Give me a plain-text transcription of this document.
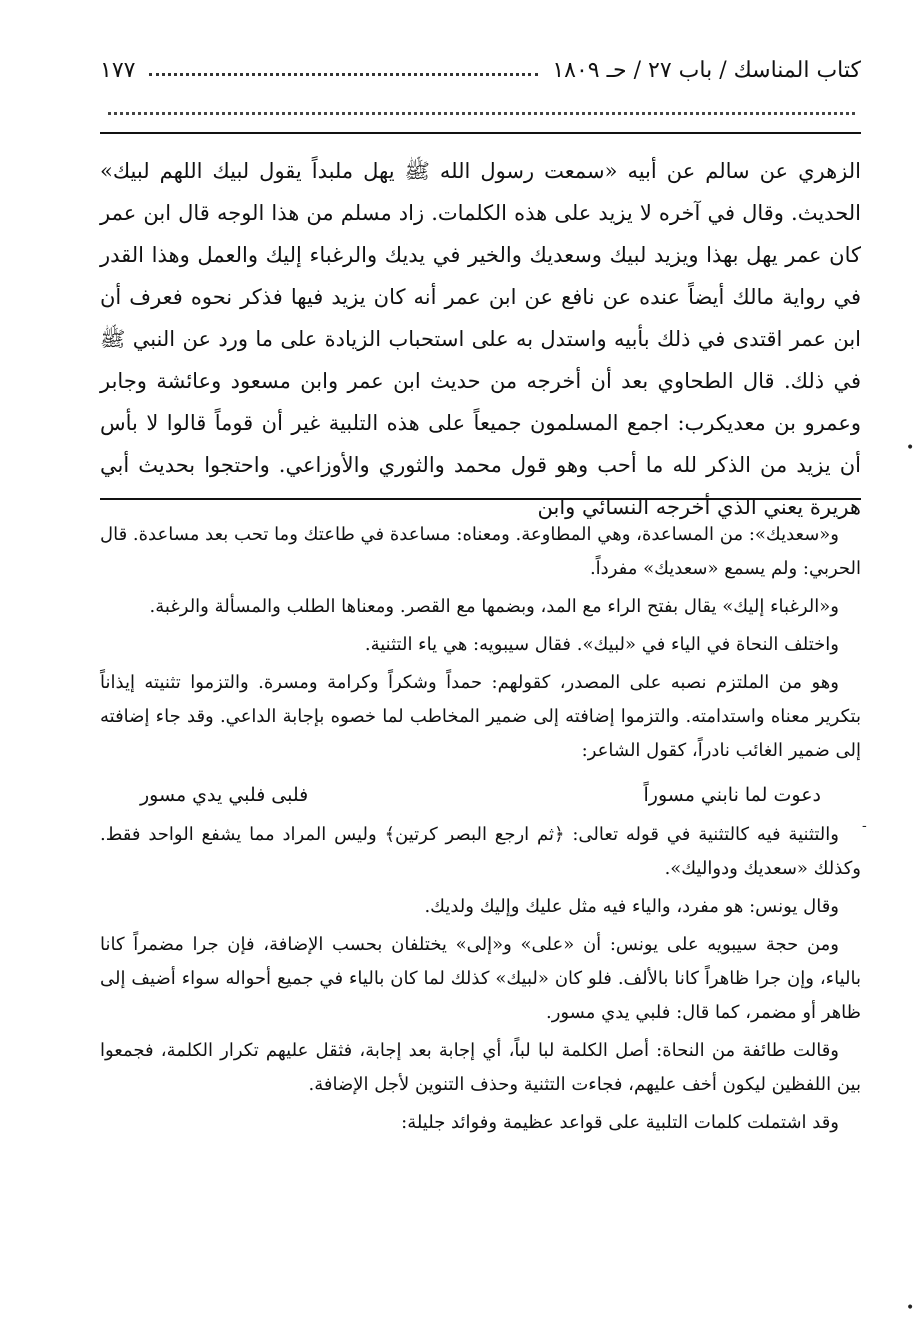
كتاب المناسك / باب ٢٧ / حـ ١٨٠٩
١٧٧

الزهري عن سالم عن أبيه «سمعت رسول الله ﷺ يهل ملبداً يقول لبيك اللهم لبيك» الحديث. وقال في آخره لا يزيد على هذه الكلمات. زاد مسلم من هذا الوجه قال ابن عمر كان عمر يهل بهذا ويزيد لبيك وسعديك والخير في يديك والرغباء إليك والعمل وهذا القدر في رواية مالك أيضاً عنده عن نافع عن ابن عمر أنه كان يزيد فيها فذكر نحوه فعرف أن ابن عمر اقتدى في ذلك بأبيه واستدل به على استحباب الزيادة على ما ورد عن النبي ﷺ في ذلك. قال الطحاوي بعد أن أخرجه من حديث ابن عمر وابن مسعود وعائشة وجابر وعمرو بن معديكرب: اجمع المسلمون جميعاً على هذه التلبية غير أن قوماً قالوا لا بأس أن يزيد من الذكر لله ما أحب وهو قول محمد والثوري والأوزاعي. واحتجوا بحديث أبي هريرة يعني الذي أخرجه النسائي وابن

و«سعديك»: من المساعدة، وهي المطاوعة. ومعناه: مساعدة في طاعتك وما تحب بعد مساعدة. قال الحربي: ولم يسمع «سعديك» مفرداً.

و«الرغباء إليك» يقال بفتح الراء مع المد، وبضمها مع القصر. ومعناها الطلب والمسألة والرغبة.

واختلف النحاة في الياء في «لبيك». فقال سيبويه: هي ياء التثنية.

وهو من الملتزم نصبه على المصدر، كقولهم: حمداً وشكراً وكرامة ومسرة. والتزموا تثنيته إيذاناً بتكرير معناه واستدامته. والتزموا إضافته إلى ضمير المخاطب لما خصوه بإجابة الداعي. وقد جاء إضافته إلى ضمير الغائب نادراً، كقول الشاعر:

دعوت لما نابني مسوراً
فلبى فلبي يدي مسور

والتثنية فيه كالتثنية في قوله تعالى: ﴿ثم ارجع البصر كرتين﴾ وليس المراد مما يشفع الواحد فقط. وكذلك «سعديك ودواليك».

وقال يونس: هو مفرد، والياء فيه مثل عليك وإليك ولديك.

ومن حجة سيبويه على يونس: أن «على» و«إلى» يختلفان بحسب الإضافة، فإن جرا مضمراً كانا بالياء، وإن جرا ظاهراً كانا بالألف. فلو كان «لبيك» كذلك لما كان بالياء في جميع أحواله سواء أضيف إلى ظاهر أو مضمر، كما قال: فلبي يدي مسور.

وقالت طائفة من النحاة: أصل الكلمة لبا لباً، أي إجابة بعد إجابة، فثقل عليهم تكرار الكلمة، فجمعوا بين اللفظين ليكون أخف عليهم، فجاءت التثنية وحذف التنوين لأجل الإضافة.

وقد اشتملت كلمات التلبية على قواعد عظيمة وفوائد جليلة:

•
-
•
